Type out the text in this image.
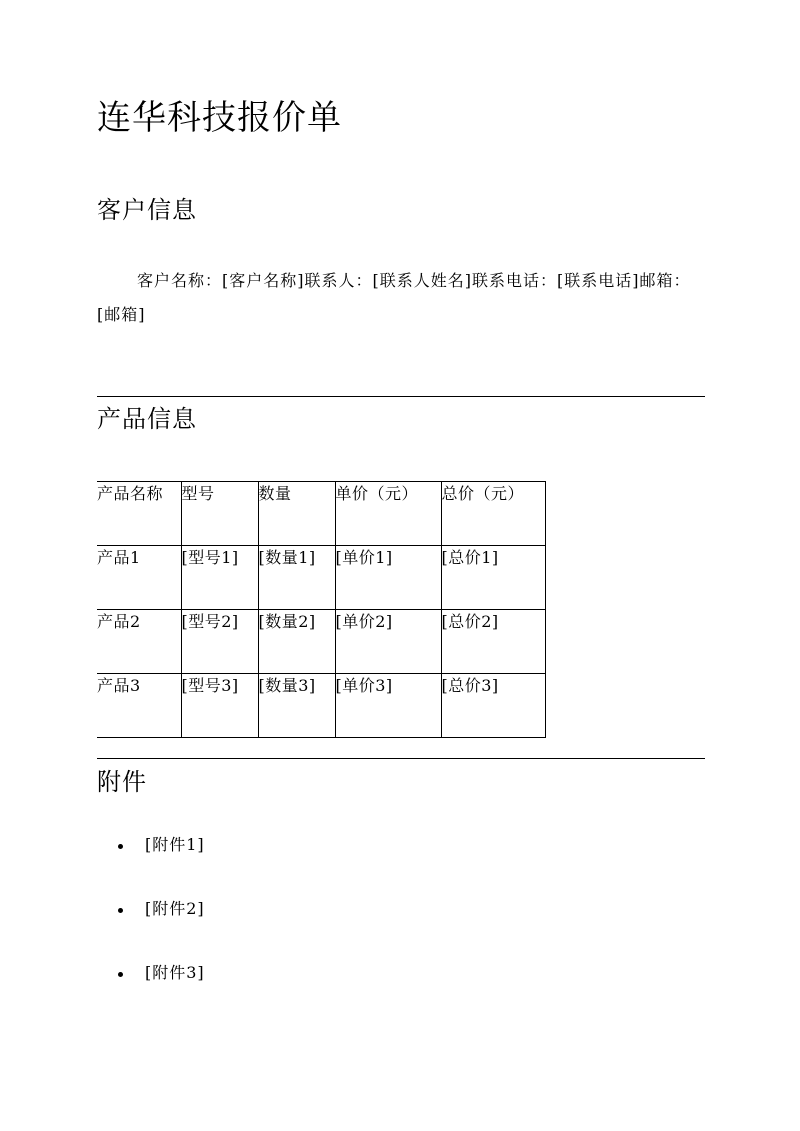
连华科技报价单
客户信息

客户名称：[客户名称]联系人：[联系人姓名]联系电话：[联系电话]邮箱：[邮箱]

产品信息
产品名称	型号	数量	单价（元）	总价（元）
产品1	[型号1]	[数量1]	[单价1]	[总价1]
产品2	[型号2]	[数量2]	[单价2]	[总价2]
产品3	[型号3]	[数量3]	[单价3]	[总价3]
附件
[附件1]
[附件2]
[附件3]
